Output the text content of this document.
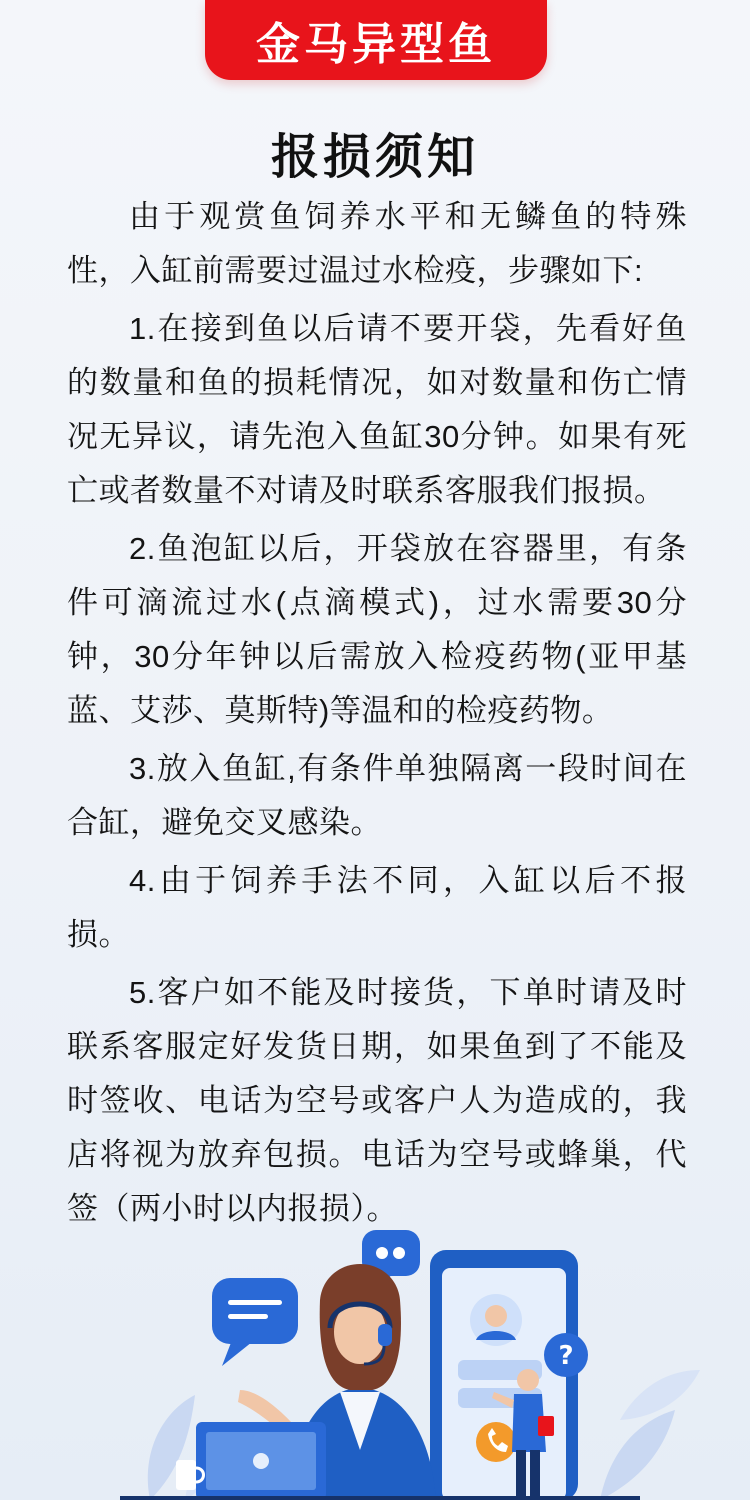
金马异型鱼
报损须知

由于观赏鱼饲养水平和无鳞鱼的特殊性，入缸前需要过温过水检疫，步骤如下:

1.在接到鱼以后请不要开袋，先看好鱼的数量和鱼的损耗情况，如对数量和伤亡情况无异议，请先泡入鱼缸30分钟。如果有死亡或者数量不对请及时联系客服我们报损。

2.鱼泡缸以后，开袋放在容器里，有条件可滴流过水(点滴模式)，过水需要30分钟，30分年钟以后需放入检疫药物(亚甲基蓝、艾莎、莫斯特)等温和的检疫药物。

3.放入鱼缸,有条件单独隔离一段时间在合缸，避免交叉感染。

4.由于饲养手法不同，入缸以后不报损。

5.客户如不能及时接货，下单时请及时联系客服定好发货日期，如果鱼到了不能及时签收、电话为空号或客户人为造成的，我店将视为放弃包损。电话为空号或蜂巢，代签（两小时以内报损）。

?
